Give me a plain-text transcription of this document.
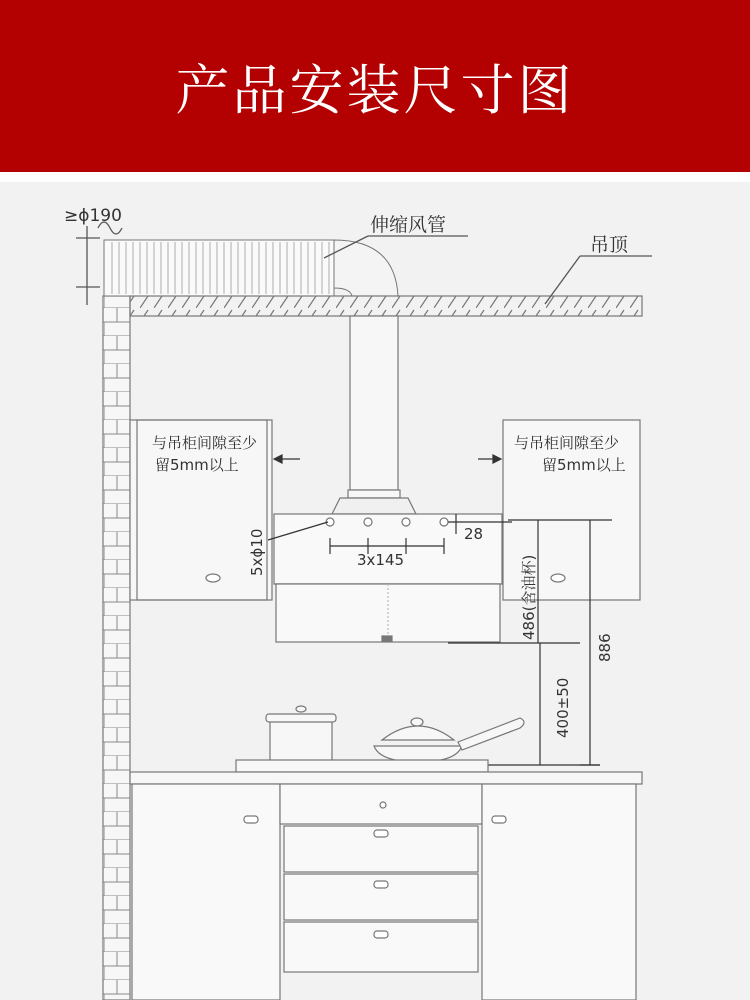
产品安装尺寸图
≥ϕ190	伸缩风管
吊顶
与吊柜间隙至少
留5mm以上
与吊柜间隙至少
留5mm以上
5xϕ10	3x145
28
486(含油杯)
886
400±50
